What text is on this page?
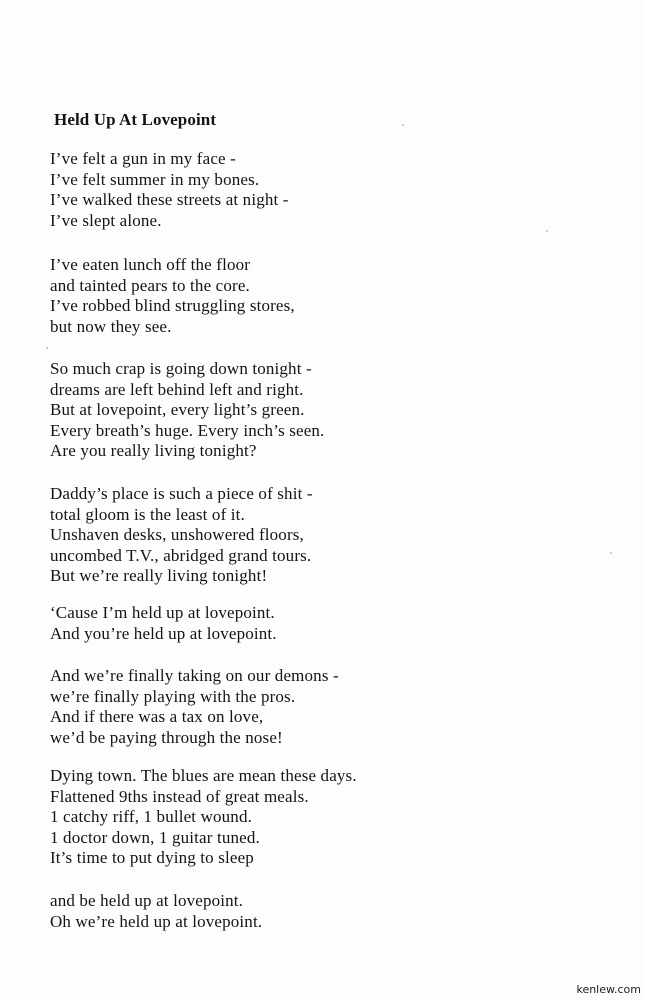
Held Up At Lovepoint
I’ve felt a gun in my face -
I’ve felt summer in my bones.
I’ve walked these streets at night -
I’ve slept alone.
I’ve eaten lunch off the floor
and tainted pears to the core.
I’ve robbed blind struggling stores,
but now they see.
So much crap is going down tonight -
dreams are left behind left and right.
But at lovepoint, every light’s green.
Every breath’s huge. Every inch’s seen.
Are you really living tonight?
Daddy’s place is such a piece of shit -
total gloom is the least of it.
Unshaven desks, unshowered floors,
uncombed T.V., abridged grand tours.
But we’re really living tonight!
‘Cause I’m held up at lovepoint.
And you’re held up at lovepoint.
And we’re finally taking on our demons -
we’re finally playing with the pros.
And if there was a tax on love,
we’d be paying through the nose!
Dying town. The blues are mean these days.
Flattened 9ths instead of great meals.
1 catchy riff, 1 bullet wound.
1 doctor down, 1 guitar tuned.
It’s time to put dying to sleep
and be held up at lovepoint.
Oh we’re held up at lovepoint.
kenlew.com
